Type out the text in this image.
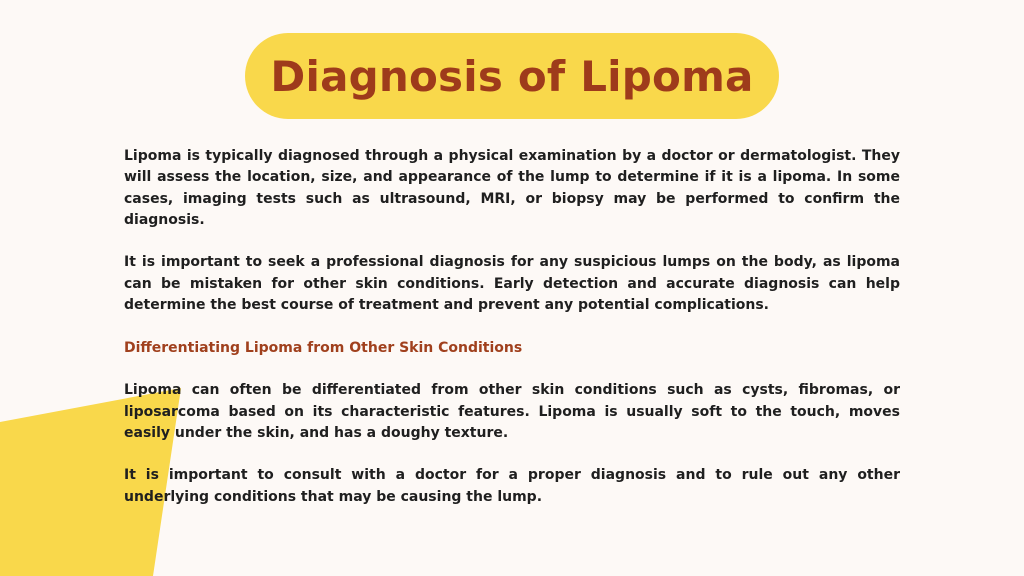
Diagnosis of Lipoma

Lipoma is typically diagnosed through a physical examination by a doctor or dermatologist. They will assess the location, size, and appearance of the lump to determine if it is a lipoma. In some cases, imaging tests such as ultrasound, MRI, or biopsy may be performed to confirm the diagnosis.

It is important to seek a professional diagnosis for any suspicious lumps on the body, as lipoma can be mistaken for other skin conditions. Early detection and accurate diagnosis can help determine the best course of treatment and prevent any potential complications.

Differentiating Lipoma from Other Skin Conditions

Lipoma can often be differentiated from other skin conditions such as cysts, fibromas, or liposarcoma based on its characteristic features. Lipoma is usually soft to the touch, moves easily under the skin, and has a doughy texture.

It is important to consult with a doctor for a proper diagnosis and to rule out any other underlying conditions that may be causing the lump.
